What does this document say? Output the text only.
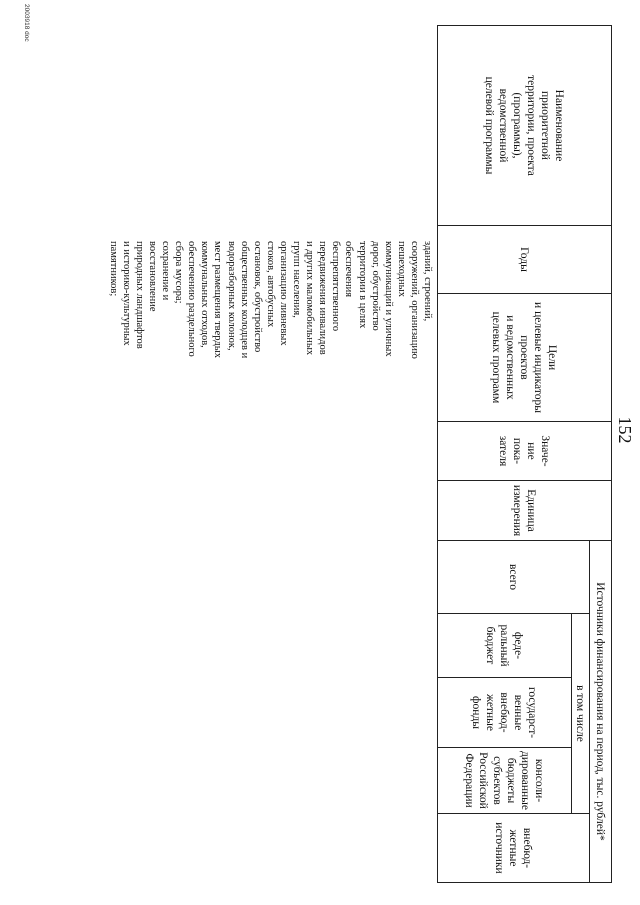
152
Наименование
приоритетной
территории, проекта
(программы),
ведомственной
целевой программы
Годы
Цели
и целевые индикаторы
проектов
и ведомственных
целевых программ
Значе-
ние
пока-
зателя
Единица
измерения
Источники финансирования на период, тыс. рублей*
всего
в том числе
феде-
ральный
бюджет
государст-
венные
внебюд-
жетные
фонды
консоли-
дированные
бюджеты
субъектов
Российской
Федерации
внебюд-
жетные
источники
зданий, строений,
сооружений, организацию
пешеходных
коммуникаций и уличных
дорог, обустройство
территории в целях
обеспечения
беспрепятственного
передвижения инвалидов
и других маломобильных
групп населения,
организацию ливневых
стоков, автобусных
остановок, обустройство
общественных колодцев и
водоразборных колонок,
мест размещения твердых
коммунальных отходов,
обеспечению раздельного
сбора мусора;
сохранение и
восстановление
природных ландшафтов
и историко-культурных
памятников;
2003918 doc
